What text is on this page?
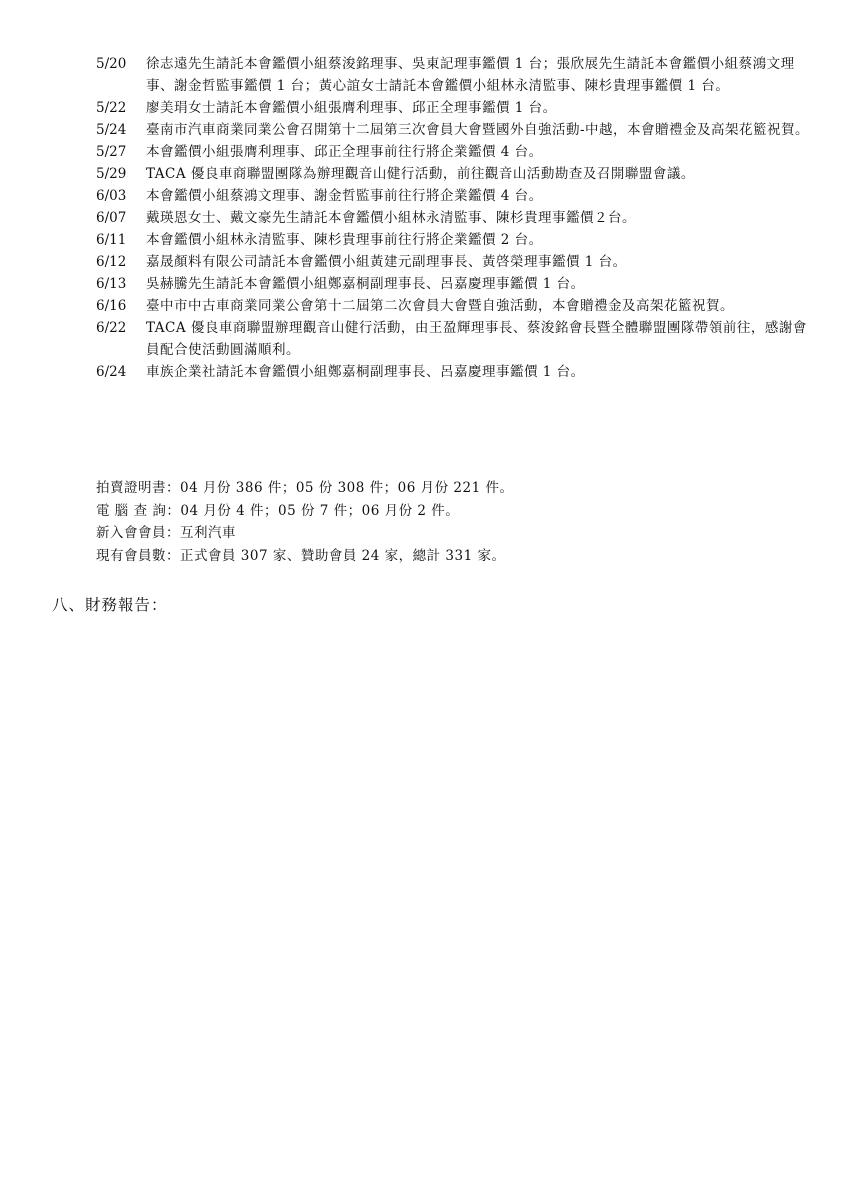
5/20	徐志遠先生請託本會鑑價小組蔡浚銘理事、吳東記理事鑑價 1 台；張欣展先生請託本會鑑價小組蔡鴻文理事、謝金哲監事鑑價 1 台；黃心誼女士請託本會鑑價小組林永清監事、陳杉貴理事鑑價 1 台。
5/22	廖美琄女士請託本會鑑價小組張膺利理事、邱正全理事鑑價 1 台。
5/24	臺南市汽車商業同業公會召開第十二屆第三次會員大會暨國外自強活動-中越，本會贈禮金及高架花籃祝賀。
5/27	本會鑑價小組張膺利理事、邱正全理事前往行將企業鑑價 4 台。
5/29	TACA 優良車商聯盟團隊為辦理觀音山健行活動，前往觀音山活動勘查及召開聯盟會議。
6/03	本會鑑價小組蔡鴻文理事、謝金哲監事前往行將企業鑑價 4 台。
6/07	戴瑛恩女士、戴文豪先生請託本會鑑價小組林永清監事、陳杉貴理事鑑價２台。
6/11	本會鑑價小組林永清監事、陳杉貴理事前往行將企業鑑價 2 台。
6/12	嘉晟顏料有限公司請託本會鑑價小組黃建元副理事長、黃啓榮理事鑑價 1 台。
6/13	吳赫騰先生請託本會鑑價小組鄭嘉桐副理事長、呂嘉慶理事鑑價 1 台。
6/16	臺中市中古車商業同業公會第十二屆第二次會員大會暨自強活動，本會贈禮金及高架花籃祝賀。
6/22	TACA 優良車商聯盟辦理觀音山健行活動，由王盈輝理事長、蔡浚銘會長暨全體聯盟團隊帶領前往，感謝會員配合使活動圓滿順利。
6/24	車族企業社請託本會鑑價小組鄭嘉桐副理事長、呂嘉慶理事鑑價 1 台。
拍賣證明書：04 月份 386 件；05 份 308 件；06 月份 221 件。
電 腦 查 詢：04 月份 4 件；05 份 7 件；06 月份 2 件。
新入會會員：互利汽車
現有會員數：正式會員 307 家、贊助會員 24 家，總計 331 家。
八、財務報告：
